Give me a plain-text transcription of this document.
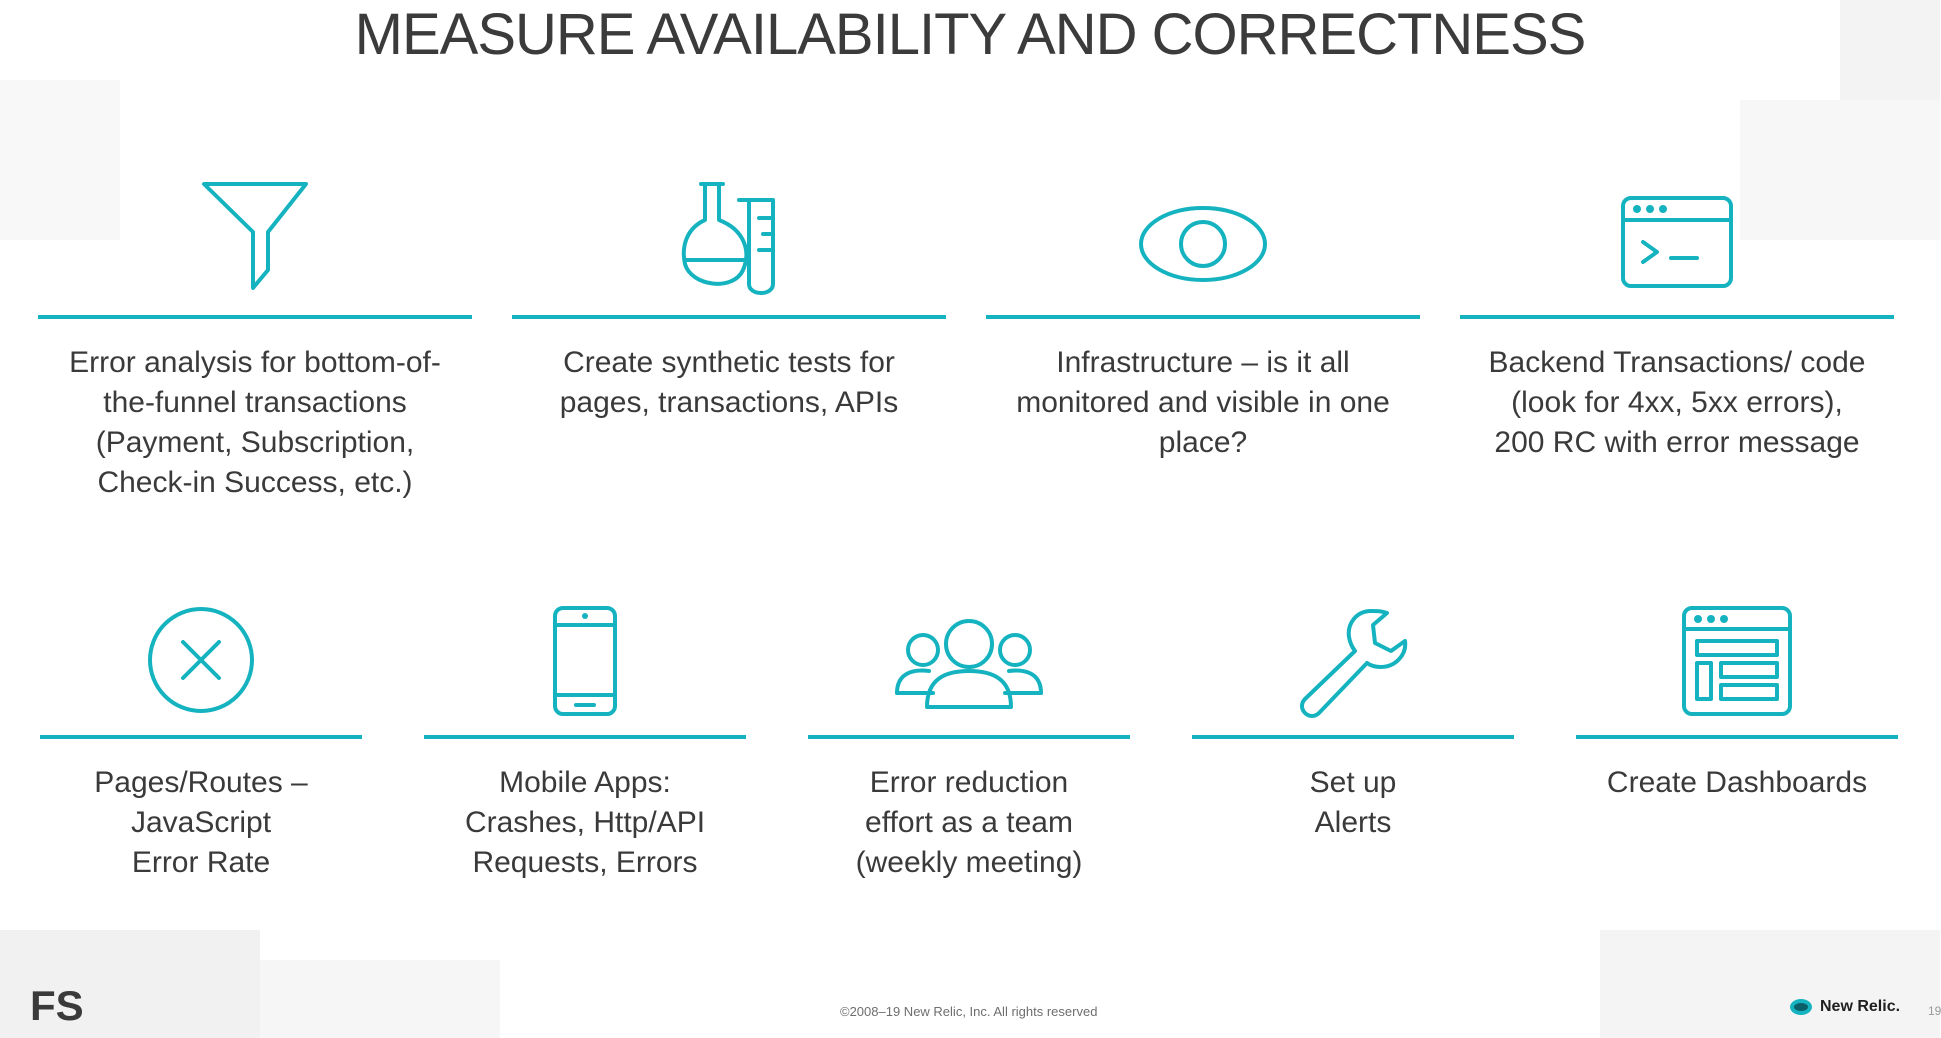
MEASURE AVAILABILITY AND CORRECTNESS
Error analysis for bottom-of-
the-funnel transactions
(Payment, Subscription,
Check-in Success, etc.)
Create synthetic tests for
pages, transactions, APIs
Infrastructure – is it all
monitored and visible in one
place?
Backend Transactions/ code
(look for 4xx, 5xx errors),
200 RC with error message
Pages/Routes –
JavaScript
Error Rate
Mobile Apps:
Crashes, Http/API
Requests, Errors
Error reduction
effort as a team
(weekly meeting)
Set up
Alerts
Create Dashboards
FS	©2008–19 New Relic, Inc. All rights reserved	New Relic. 19
